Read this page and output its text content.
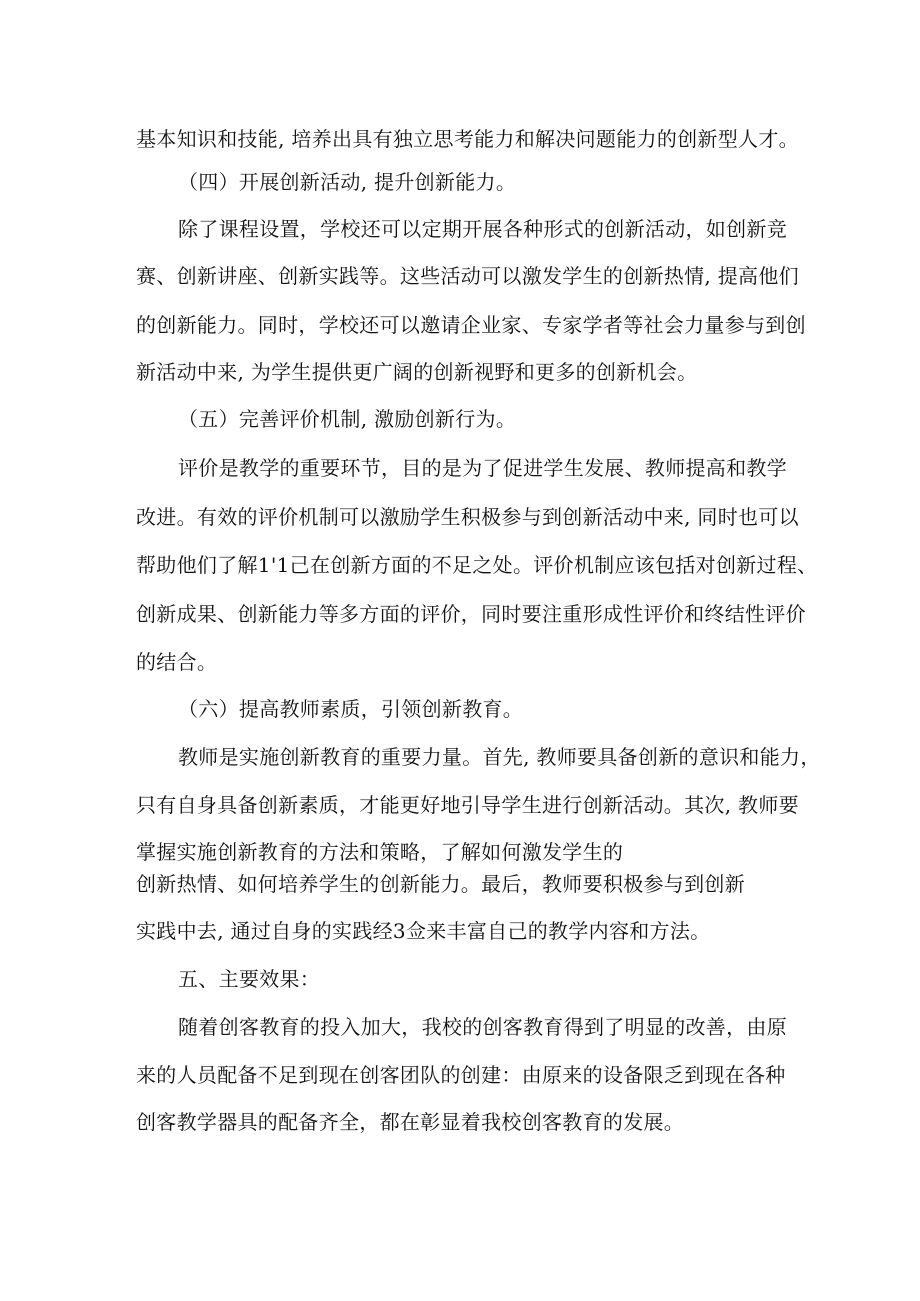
基本知识和技能, 培养出具有独立思考能力和解决问题能力的创新型人才。
（四）开展创新活动, 提升创新能力。
除了课程设置，学校还可以定期开展各种形式的创新活动，如创新竞
赛、创新讲座、创新实践等。这些活动可以激发学生的创新热情, 提高他们
的创新能力。同时，学校还可以邀请企业家、专家学者等社会力量参与到创
新活动中来, 为学生提供更广阔的创新视野和更多的创新机会。
（五）完善评价机制, 激励创新行为。
评价是教学的重要环节，目的是为了促进学生发展、教师提高和教学
改进。有效的评价机制可以激励学生积极参与到创新活动中来, 同时也可以
帮助他们了解1'1己在创新方面的不足之处。评价机制应该包括对创新过程、
创新成果、创新能力等多方面的评价，同时要注重形成性评价和终结性评价
的结合。
（六）提高教师素质，引领创新教育。
教师是实施创新教育的重要力量。首先, 教师要具备创新的意识和能力，
只有自身具备创新素质，才能更好地引导学生进行创新活动。其次, 教师要
掌握实施创新教育的方法和策略，了解如何激发学生的
创新热情、如何培养学生的创新能力。最后，教师要积极参与到创新
实践中去, 通过自身的实践经3佥来丰富自己的教学内容和方法。
五、主要效果：
随着创客教育的投入加大，我校的创客教育得到了明显的改善，由原
来的人员配备不足到现在创客团队的创建：由原来的设备限乏到现在各种
创客教学器具的配备齐全，都在彰显着我校创客教育的发展。
